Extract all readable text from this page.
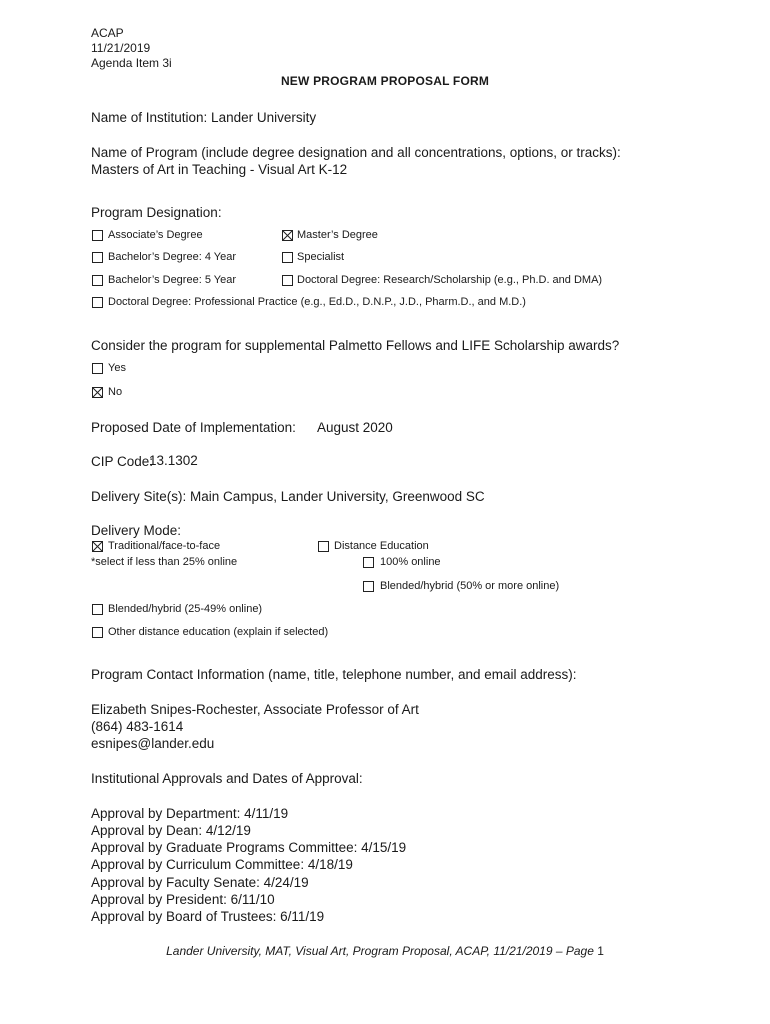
ACAP
11/21/2019
Agenda Item 3i
NEW PROGRAM PROPOSAL FORM
Name of Institution: Lander University
Name of Program (include degree designation and all concentrations, options, or tracks):
Masters of Art in Teaching - Visual Art K-12
Program Designation:
Associate’s Degree	Master’s Degree
Bachelor’s Degree: 4 Year	Specialist
Bachelor’s Degree: 5 Year	Doctoral Degree: Research/Scholarship (e.g., Ph.D. and DMA)
Doctoral Degree: Professional Practice (e.g., Ed.D., D.N.P., J.D., Pharm.D., and M.D.)
Consider the program for supplemental Palmetto Fellows and LIFE Scholarship awards?
Yes
No
Proposed Date of Implementation: August 2020
CIP Code:
13.1302
Delivery Site(s): Main Campus, Lander University, Greenwood SC
Delivery Mode:
Traditional/face-to-face
*select if less than 25% online
Distance Education
100% online
Blended/hybrid (50% or more online)
Blended/hybrid (25-49% online)
Other distance education (explain if selected)
Program Contact Information (name, title, telephone number, and email address):
Elizabeth Snipes-Rochester, Associate Professor of Art
(864) 483-1614
esnipes@lander.edu
Institutional Approvals and Dates of Approval:
Approval by Department: 4/11/19
Approval by Dean: 4/12/19
Approval by Graduate Programs Committee: 4/15/19
Approval by Curriculum Committee: 4/18/19
Approval by Faculty Senate: 4/24/19
Approval by President: 6/11/10
Approval by Board of Trustees: 6/11/19
Lander University, MAT, Visual Art, Program Proposal, ACAP, 11/21/2019 – Page 1
